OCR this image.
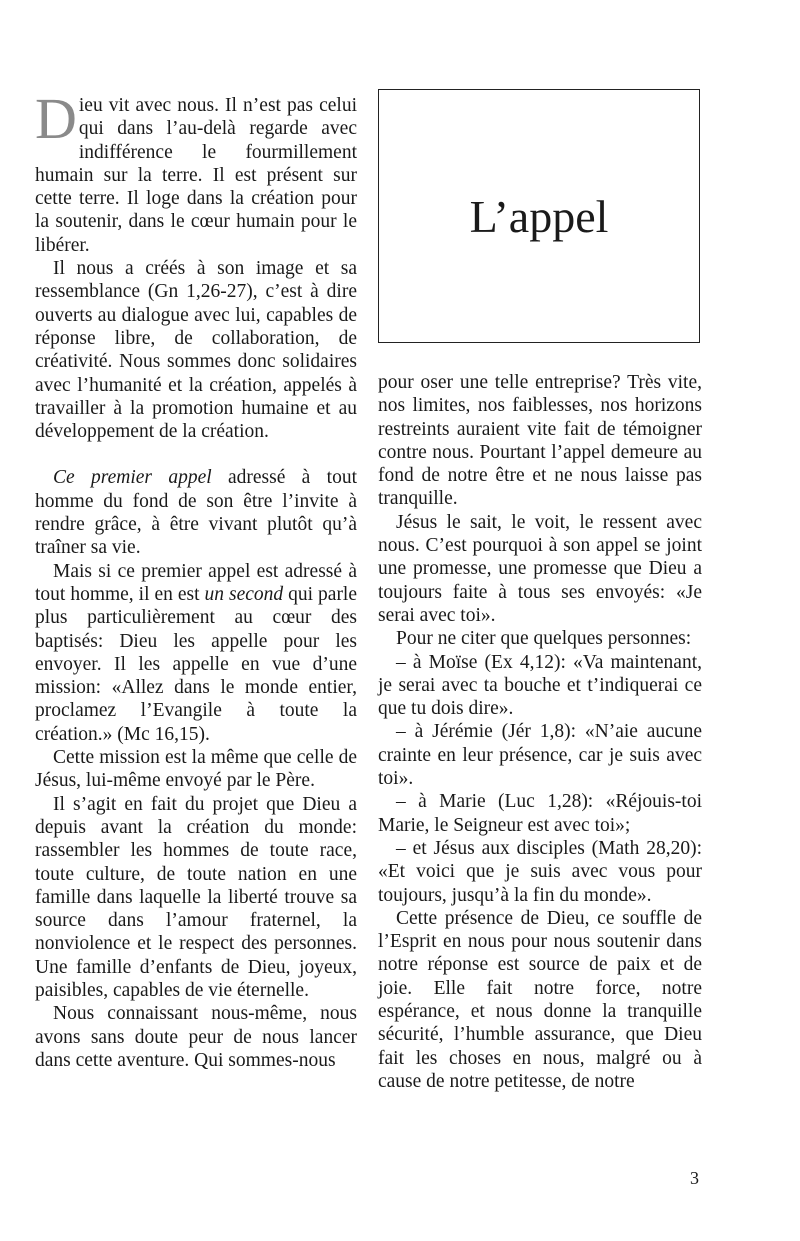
Dieu vit avec nous. Il n’est pas celui qui dans l’au-delà regarde avec indifférence le fourmillement humain sur la terre. Il est présent sur cette terre. Il loge dans la création pour la soutenir, dans le cœur humain pour le libérer.

Il nous a créés à son image et sa ressemblance (Gn 1,26-27), c’est à dire ouverts au dialogue avec lui, capables de réponse libre, de collaboration, de créativité. Nous sommes donc solidaires avec l’humanité et la création, appelés à travailler à la promotion humaine et au développement de la création.

Ce premier appel adressé à tout homme du fond de son être l’invite à rendre grâce, à être vivant plutôt qu’à traîner sa vie.

Mais si ce premier appel est adressé à tout homme, il en est un second qui parle plus particulièrement au cœur des baptisés: Dieu les appelle pour les envoyer. Il les appelle en vue d’une mission: «Allez dans le monde entier, proclamez l’Evangile à toute la création.» (Mc 16,15).

Cette mission est la même que celle de Jésus, lui-même envoyé par le Père.

Il s’agit en fait du projet que Dieu a depuis avant la création du monde: rassembler les hommes de toute race, toute culture, de toute nation en une famille dans laquelle la liberté trouve sa source dans l’amour fraternel, la nonviolence et le respect des personnes. Une famille d’enfants de Dieu, joyeux, paisibles, capables de vie éternelle.

Nous connaissant nous-même, nous avons sans doute peur de nous lancer dans cette aventure. Qui sommes-nous

L’appel

pour oser une telle entreprise? Très vite, nos limites, nos faiblesses, nos horizons restreints auraient vite fait de témoigner contre nous. Pourtant l’appel demeure au fond de notre être et ne nous laisse pas tranquille.

Jésus le sait, le voit, le ressent avec nous. C’est pourquoi à son appel se joint une promesse, une promesse que Dieu a toujours faite à tous ses envoyés: «Je serai avec toi».

Pour ne citer que quelques personnes:

– à Moïse (Ex 4,12): «Va maintenant, je serai avec ta bouche et t’indiquerai ce que tu dois dire».

– à Jérémie (Jér 1,8): «N’aie aucune crainte en leur présence, car je suis avec toi».

– à Marie (Luc 1,28): «Réjouis-toi Marie, le Seigneur est avec toi»;

– et Jésus aux disciples (Math 28,20): «Et voici que je suis avec vous pour toujours, jusqu’à la fin du monde».

Cette présence de Dieu, ce souffle de l’Esprit en nous pour nous soutenir dans notre réponse est source de paix et de joie. Elle fait notre force, notre espérance, et nous donne la tranquille sécurité, l’humble assurance, que Dieu fait les choses en nous, malgré ou à cause de notre petitesse, de notre

3
